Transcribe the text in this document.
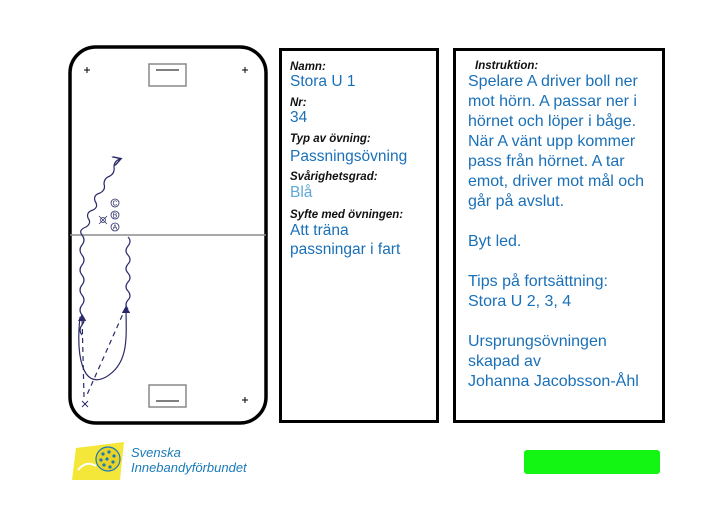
C
B
A
Namn:
Stora U 1
Nr:
34
Typ av övning:
Passningsövning
Svårighetsgrad:
Blå
Syfte med övningen:
Att träna
passningar i fart
Instruktion:
Spelare A driver boll ner mot hörn. A passar ner i hörnet och löper i båge. När A vänt upp kommer pass från hörnet. A tar emot, driver mot mål och går på avslut.

Byt led.

Tips på fortsättning:
Stora U 2, 3, 4

Ursprungsövningen skapad av
Johanna Jacobsson-Åhl
Svenska
Innebandyförbundet
